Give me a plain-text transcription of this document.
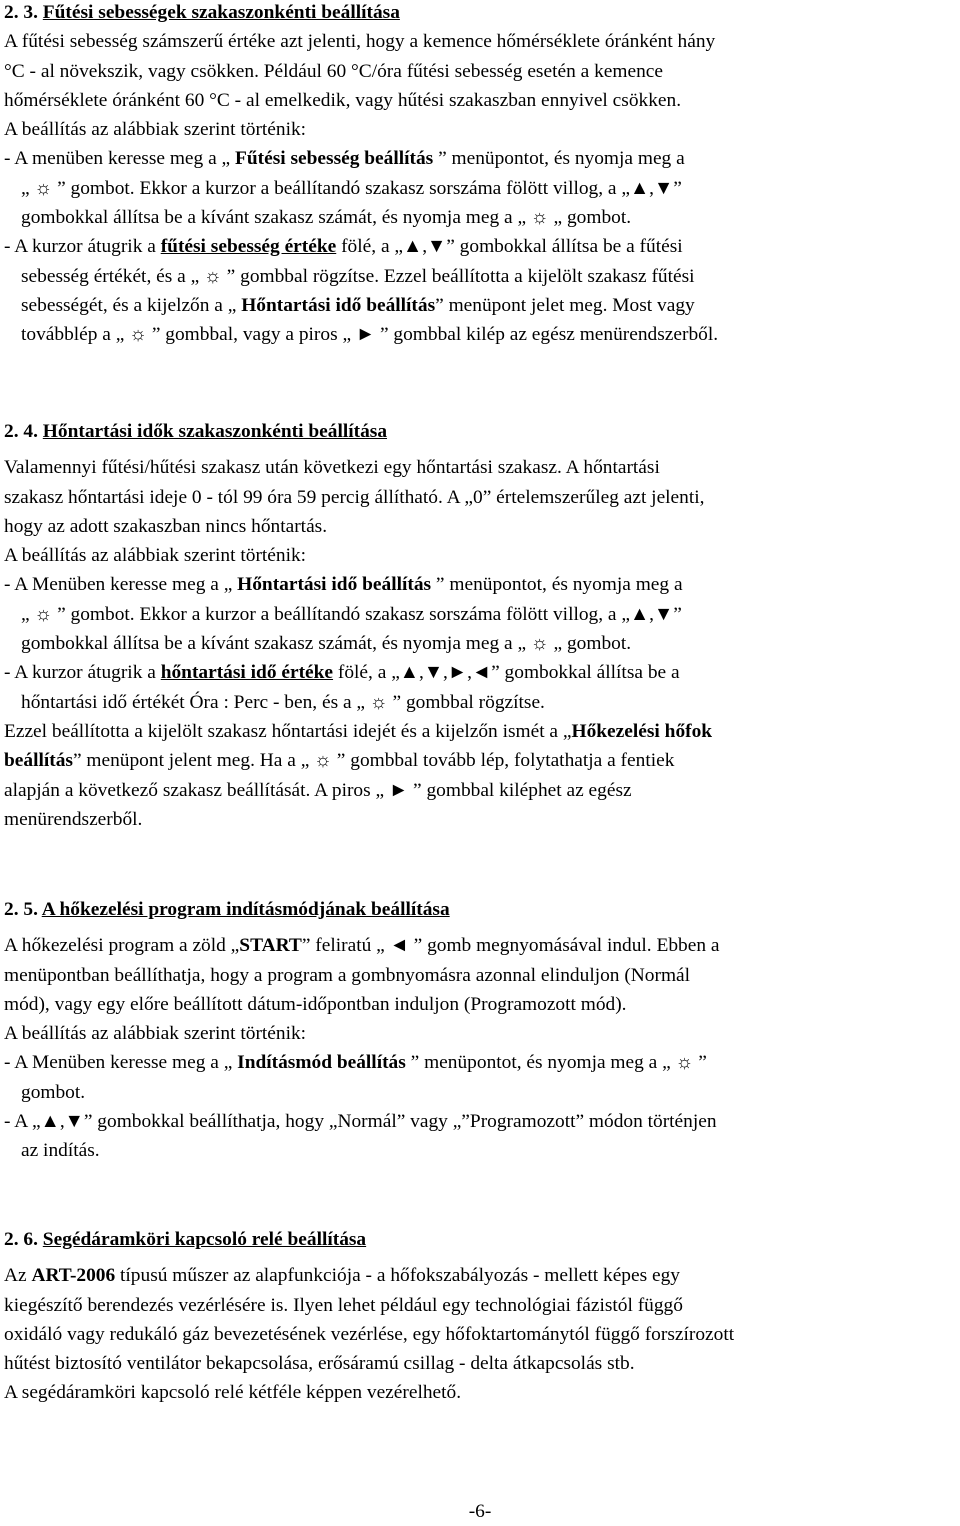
2. 3. Fűtési sebességek szakaszonkénti beállítása
A fűtési sebesség számszerű értéke azt jelenti, hogy a kemence hőmérséklete óránként hány
°C - al növekszik, vagy csökken. Például 60 °C/óra fűtési sebesség esetén a kemence
hőmérséklete óránként 60 °C - al emelkedik, vagy hűtési szakaszban ennyivel csökken.
A beállítás az alábbiak szerint történik:
- A menüben keresse meg a „ Fűtési sebesség beállítás ” menüpontot, és nyomja meg a
„ ☼ ” gombot. Ekkor a kurzor a beállítandó szakasz sorszáma fölött villog, a „▲,▼”
gombokkal állítsa be a kívánt szakasz számát, és nyomja meg a „ ☼ „ gombot.
- A kurzor átugrik a fűtési sebesség értéke fölé, a „▲,▼” gombokkal állítsa be a fűtési
sebesség értékét, és a „ ☼ ” gombbal rögzítse. Ezzel beállította a kijelölt szakasz fűtési
sebességét, és a kijelzőn a „ Hőntartási idő beállítás” menüpont jelet meg. Most vagy
továbblép a „ ☼ ” gombbal, vagy a piros „ ► ” gombbal kilép az egész menürendszerből.
2. 4. Hőntartási idők szakaszonkénti beállítása
Valamennyi fűtési/hűtési szakasz után következi egy hőntartási szakasz. A hőntartási
szakasz hőntartási ideje 0 - tól 99 óra 59 percig állítható. A „0” értelemszerűleg azt jelenti,
hogy az adott szakaszban nincs hőntartás.
A beállítás az alábbiak szerint történik:
- A Menüben keresse meg a „ Hőntartási idő beállítás ” menüpontot, és nyomja meg a
„ ☼ ” gombot. Ekkor a kurzor a beállítandó szakasz sorszáma fölött villog, a „▲,▼”
gombokkal állítsa be a kívánt szakasz számát, és nyomja meg a „ ☼ „ gombot.
- A kurzor átugrik a hőntartási idő értéke fölé, a „▲,▼,►,◄” gombokkal állítsa be a
hőntartási idő értékét Óra : Perc - ben, és a „ ☼ ” gombbal rögzítse.
Ezzel beállította a kijelölt szakasz hőntartási idejét és a kijelzőn ismét a „Hőkezelési hőfok
beállítás” menüpont jelent meg. Ha a „ ☼ ” gombbal tovább lép, folytathatja a fentiek
alapján a következő szakasz beállítását. A piros „ ► ” gombbal kiléphet az egész
menürendszerből.
2. 5. A hőkezelési program indításmódjának beállítása
A hőkezelési program a zöld „START” feliratú „ ◄ ” gomb megnyomásával indul. Ebben a
menüpontban beállíthatja, hogy a program a gombnyomásra azonnal elinduljon (Normál
mód), vagy egy előre beállított dátum-időpontban induljon (Programozott mód).
A beállítás az alábbiak szerint történik:
- A Menüben keresse meg a „ Indításmód beállítás ” menüpontot, és nyomja meg a „ ☼ ”
gombot.
- A „▲,▼” gombokkal beállíthatja, hogy „Normál” vagy „”Programozott” módon történjen
az indítás.
2. 6. Segédáramköri kapcsoló relé beállítása
Az ART-2006 típusú műszer az alapfunkciója - a hőfokszabályozás - mellett képes egy
kiegészítő berendezés vezérlésére is. Ilyen lehet például egy technológiai fázistól függő
oxidáló vagy redukáló gáz bevezetésének vezérlése, egy hőfoktartománytól függő forszírozott
hűtést biztosító ventilátor bekapcsolása, erősáramú csillag - delta átkapcsolás stb.
A segédáramköri kapcsoló relé kétféle képpen vezérelhető.
-6-
